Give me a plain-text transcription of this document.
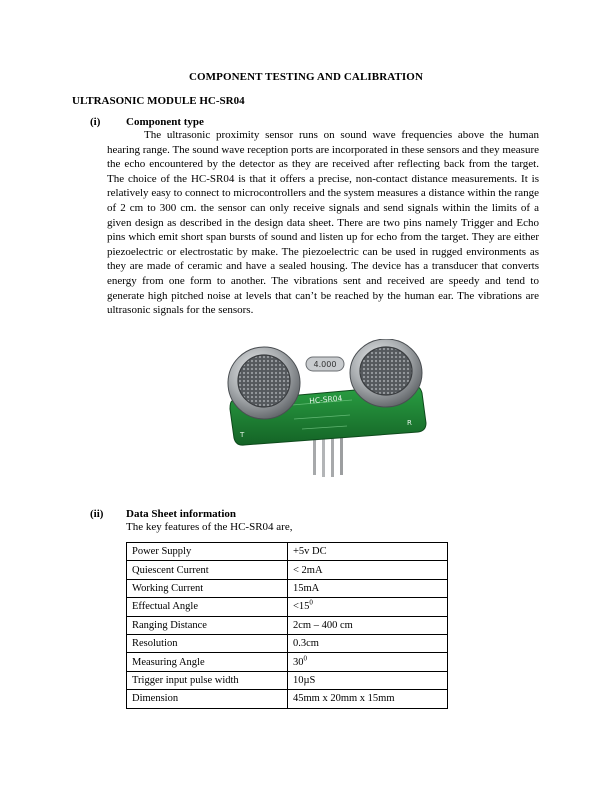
COMPONENT TESTING AND CALIBRATION
ULTRASONIC MODULE HC-SR04
(i) Component type

The ultrasonic proximity sensor runs on sound wave frequencies above the human hearing range. The sound wave reception ports are incorporated in these sensors and they measure the echo encountered by the detector as they are received after reflecting back from the target. The choice of the HC-SR04 is that it offers a precise, non-contact distance measurements. It is relatively easy to connect to microcontrollers and the system measures a distance within the range of 2 cm to 300 cm. the sensor can only receive signals and send signals within the limits of a given design as described in the design data sheet. There are two pins namely Trigger and Echo pins which emit short span bursts of sound and listen up for echo from the target. They are either piezoelectric or electrostatic by make. The piezoelectric can be used in rugged environments as they are made of ceramic and have a sealed housing. The device has a transducer that converts energy from one form to another. The vibrations sent and received are speedy and tend to generate high pitched noise at levels that can’t be reached by the human ear. The vibrations are ultrasonic signals for the sensors.

4.000
HC-SR04
T
R
(ii) Data Sheet information
The key features of the HC-SR04 are,
Power Supply	+5v DC
Quiescent Current	< 2mA
Working Current	15mA
Effectual Angle	$<15^0$
Ranging Distance	2cm – 400 cm
Resolution	0.3cm
Measuring Angle	$30^0$
Trigger input pulse width	10µS
Dimension	45mm x 20mm x 15mm
